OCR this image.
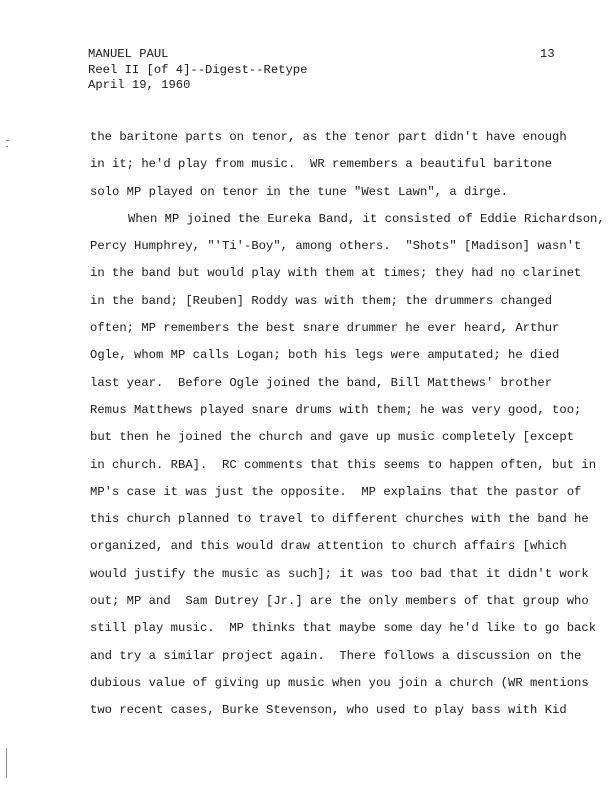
MANUEL PAUL
Reel II [of 4]--Digest--Retype
April 19, 1960
13
the baritone parts on tenor, as the tenor part didn't have enough
in it; he'd play from music.  WR remembers a beautiful baritone
solo MP played on tenor in the tune "West Lawn", a dirge.
When MP joined the Eureka Band, it consisted of Eddie Richardson,
Percy Humphrey, "'Ti'-Boy", among others.  "Shots" [Madison] wasn't
in the band but would play with them at times; they had no clarinet
in the band; [Reuben] Roddy was with them; the drummers changed
often; MP remembers the best snare drummer he ever heard, Arthur
Ogle, whom MP calls Logan; both his legs were amputated; he died
last year.  Before Ogle joined the band, Bill Matthews' brother
Remus Matthews played snare drums with them; he was very good, too;
but then he joined the church and gave up music completely [except
in church. RBA].  RC comments that this seems to happen often, but in
MP's case it was just the opposite.  MP explains that the pastor of
this church planned to travel to different churches with the band he
organized, and this would draw attention to church affairs [which
would justify the music as such]; it was too bad that it didn't work
out; MP and  Sam Dutrey [Jr.] are the only members of that group who
still play music.  MP thinks that maybe some day he'd like to go back
and try a similar project again.  There follows a discussion on the
dubious value of giving up music when you join a church (WR mentions
two recent cases, Burke Stevenson, who used to play bass with Kid
